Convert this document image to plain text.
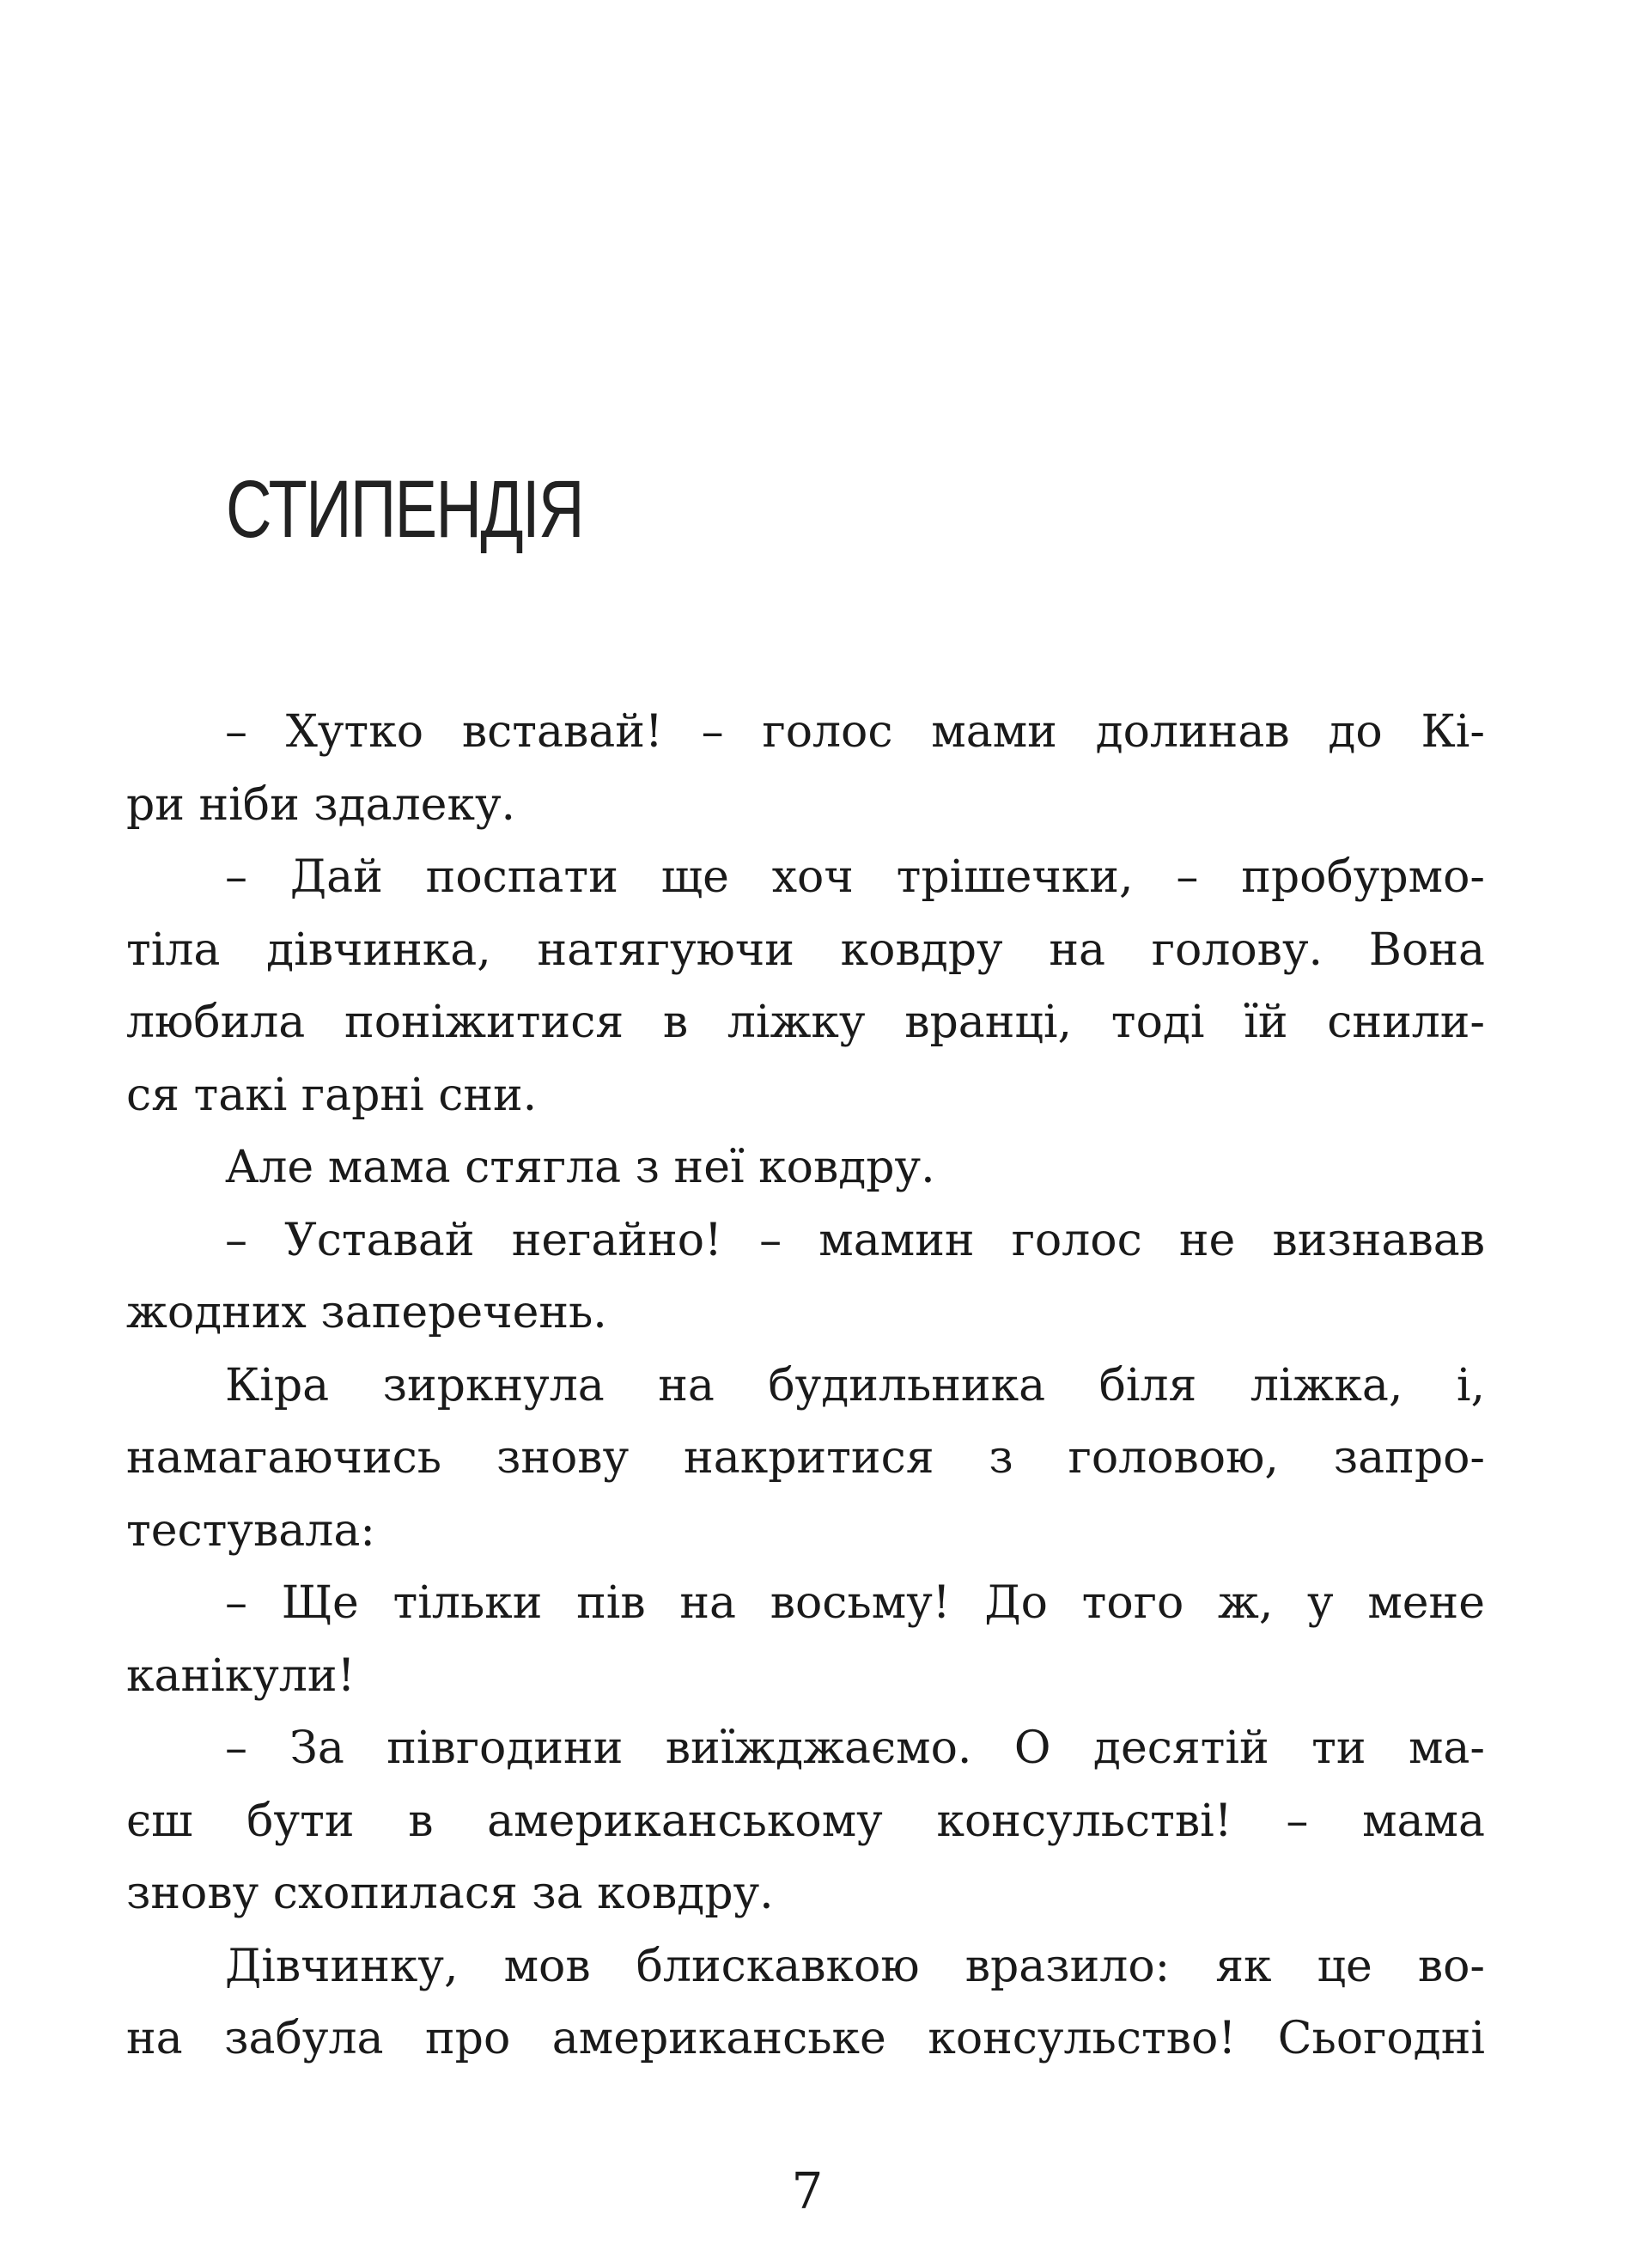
СТИПЕНДІЯ
– Хутко вставай! – голос мами долинав до Кі-
ри ніби здалеку.
– Дай поспати ще хоч трішечки, – пробурмо-
тіла дівчинка, натягуючи ковдру на голову. Вона
любила поніжитися в ліжку вранці, тоді їй снили-
ся такі гарні сни.
Але мама стягла з неї ковдру.
– Уставай негайно! – мамин голос не визнавав
жодних заперечень.
Кіра зиркнула на будильника біля ліжка, і,
намагаючись знову накритися з головою, запро-
тестувала:
– Ще тільки пів на восьму! До того ж, у мене
канікули!
– За півгодини виїжджаємо. О десятій ти ма-
єш бути в американському консульстві! – мама
знову схопилася за ковдру.
Дівчинку, мов блискавкою вразило: як це во-
на забула про американське консульство! Сьогодні
7
